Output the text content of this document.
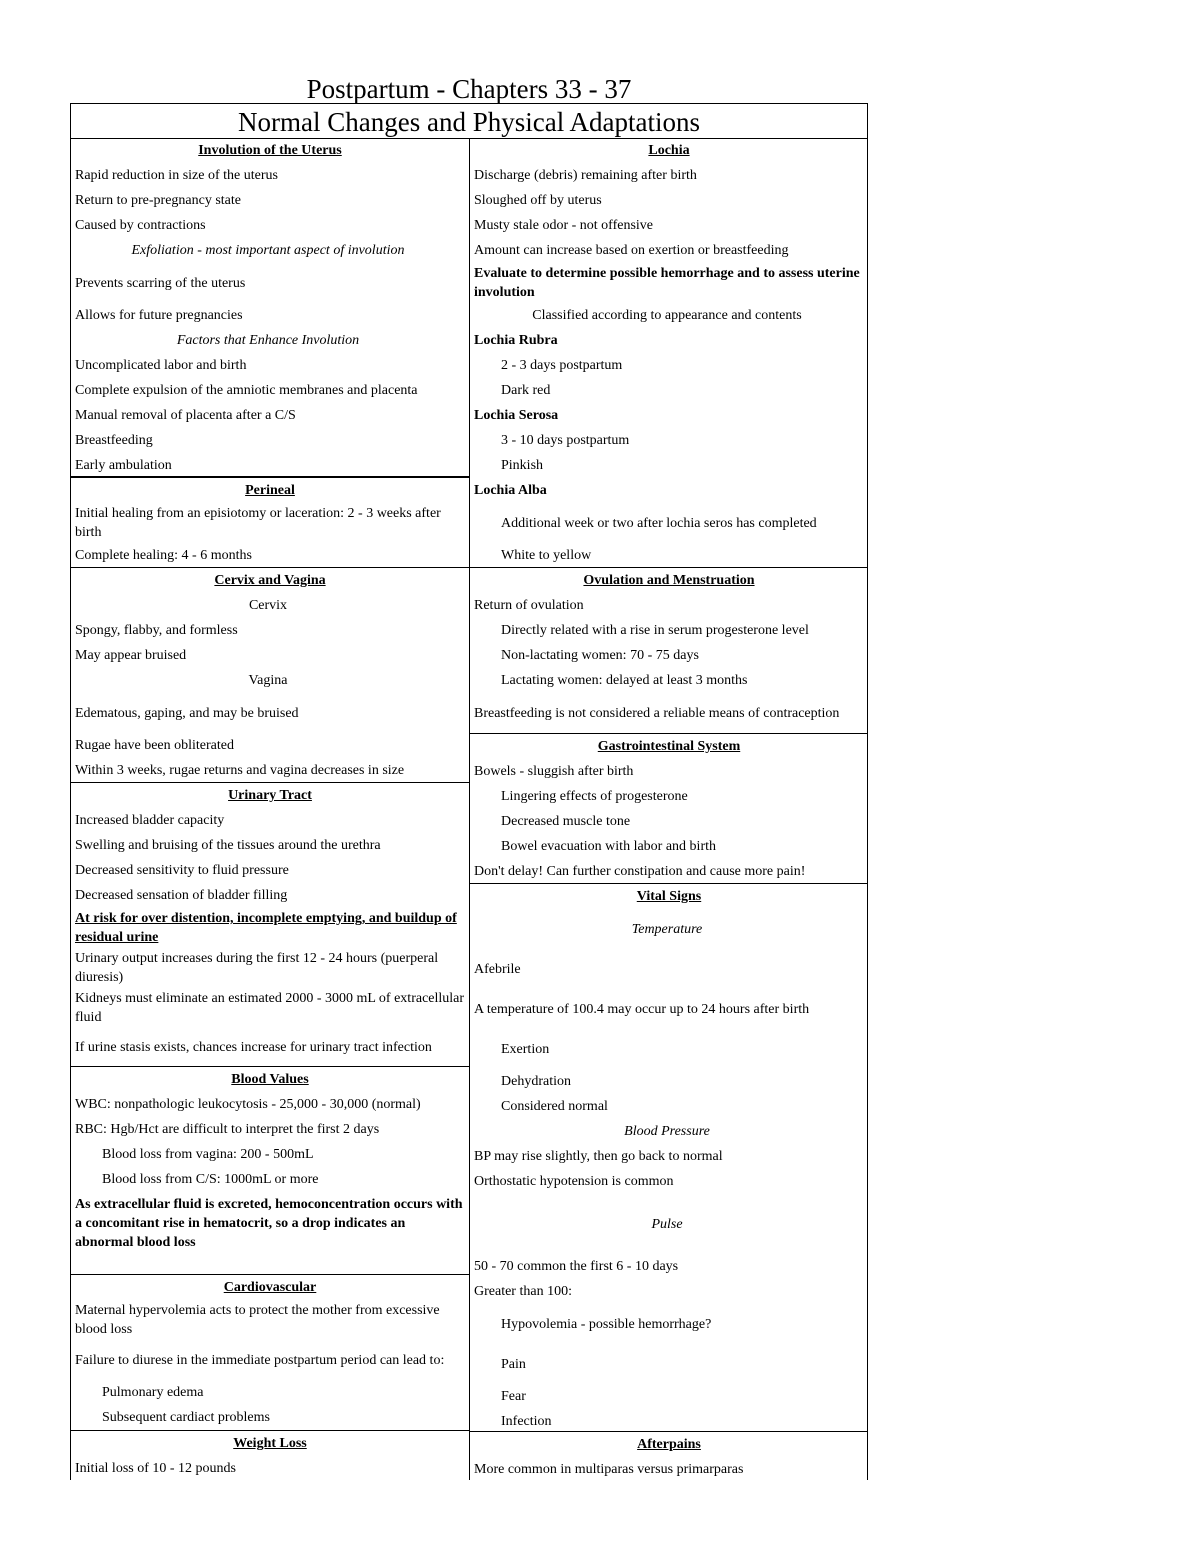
Postpartum - Chapters 33 - 37
Normal Changes and Physical Adaptations
Involution of the Uterus
Rapid reduction in size of the uterus
Return to pre-pregnancy state
Caused by contractions
Exfoliation - most important aspect of involution
Prevents scarring of the uterus
Allows for future pregnancies
Factors that Enhance Involution
Uncomplicated labor and birth
Complete expulsion of the amniotic membranes and placenta
Manual removal of placenta after a C/S
Breastfeeding
Early ambulation
Perineal
Initial healing from an episiotomy or laceration: 2 - 3 weeks after birth
Complete healing: 4 - 6 months
Cervix and Vagina
Cervix
Spongy, flabby, and formless
May appear bruised
Vagina
Edematous, gaping, and may be bruised
Rugae have been obliterated
Within 3 weeks, rugae returns and vagina decreases in size
Urinary Tract
Increased bladder capacity
Swelling and bruising of the tissues around the urethra
Decreased sensitivity to fluid pressure
Decreased sensation of bladder filling
At risk for over distention, incomplete emptying, and buildup of residual urine
Urinary output increases during the first 12 - 24 hours (puerperal diuresis)
Kidneys must eliminate an estimated 2000 - 3000 mL of extracellular fluid
If urine stasis exists, chances increase for urinary tract infection
Blood Values
WBC: nonpathologic leukocytosis - 25,000 - 30,000 (normal)
RBC: Hgb/Hct are difficult to interpret the first 2 days
Blood loss from vagina: 200 - 500mL
Blood loss from C/S: 1000mL or more
As extracellular fluid is excreted, hemoconcentration occurs with a concomitant rise in hematocrit, so a drop indicates an abnormal blood loss
Cardiovascular
Maternal hypervolemia acts to protect the mother from excessive blood loss
Failure to diurese in the immediate postpartum period can lead to:
Pulmonary edema
Subsequent cardiact problems
Weight Loss
Initial loss of 10 - 12 pounds
Lochia
Discharge (debris) remaining after birth
Sloughed off by uterus
Musty stale odor - not offensive
Amount can increase based on exertion or breastfeeding
Evaluate to determine possible hemorrhage and to assess uterine involution
Classified according to appearance and contents
Lochia Rubra
2 - 3 days postpartum
Dark red
Lochia Serosa
3 - 10 days postpartum
Pinkish
Lochia Alba
Additional week or two after lochia seros has completed
White to yellow
Ovulation and Menstruation
Return of ovulation
Directly related with a rise in serum progesterone level
Non-lactating women: 70 - 75 days
Lactating women: delayed at least 3 months
Breastfeeding is not considered a reliable means of contraception
Gastrointestinal System
Bowels - sluggish after birth
Lingering effects of progesterone
Decreased muscle tone
Bowel evacuation with labor and birth
Don't delay! Can further constipation and cause more pain!
Vital Signs
Temperature
Afebrile
A temperature of 100.4 may occur up to 24 hours after birth
Exertion
Dehydration
Considered normal
Blood Pressure
BP may rise slightly, then go back to normal
Orthostatic hypotension is common
Pulse
50 - 70 common the first 6 - 10 days
Greater than 100:
Hypovolemia - possible hemorrhage?
Pain
Fear
Infection
Afterpains
More common in multiparas versus primarparas
